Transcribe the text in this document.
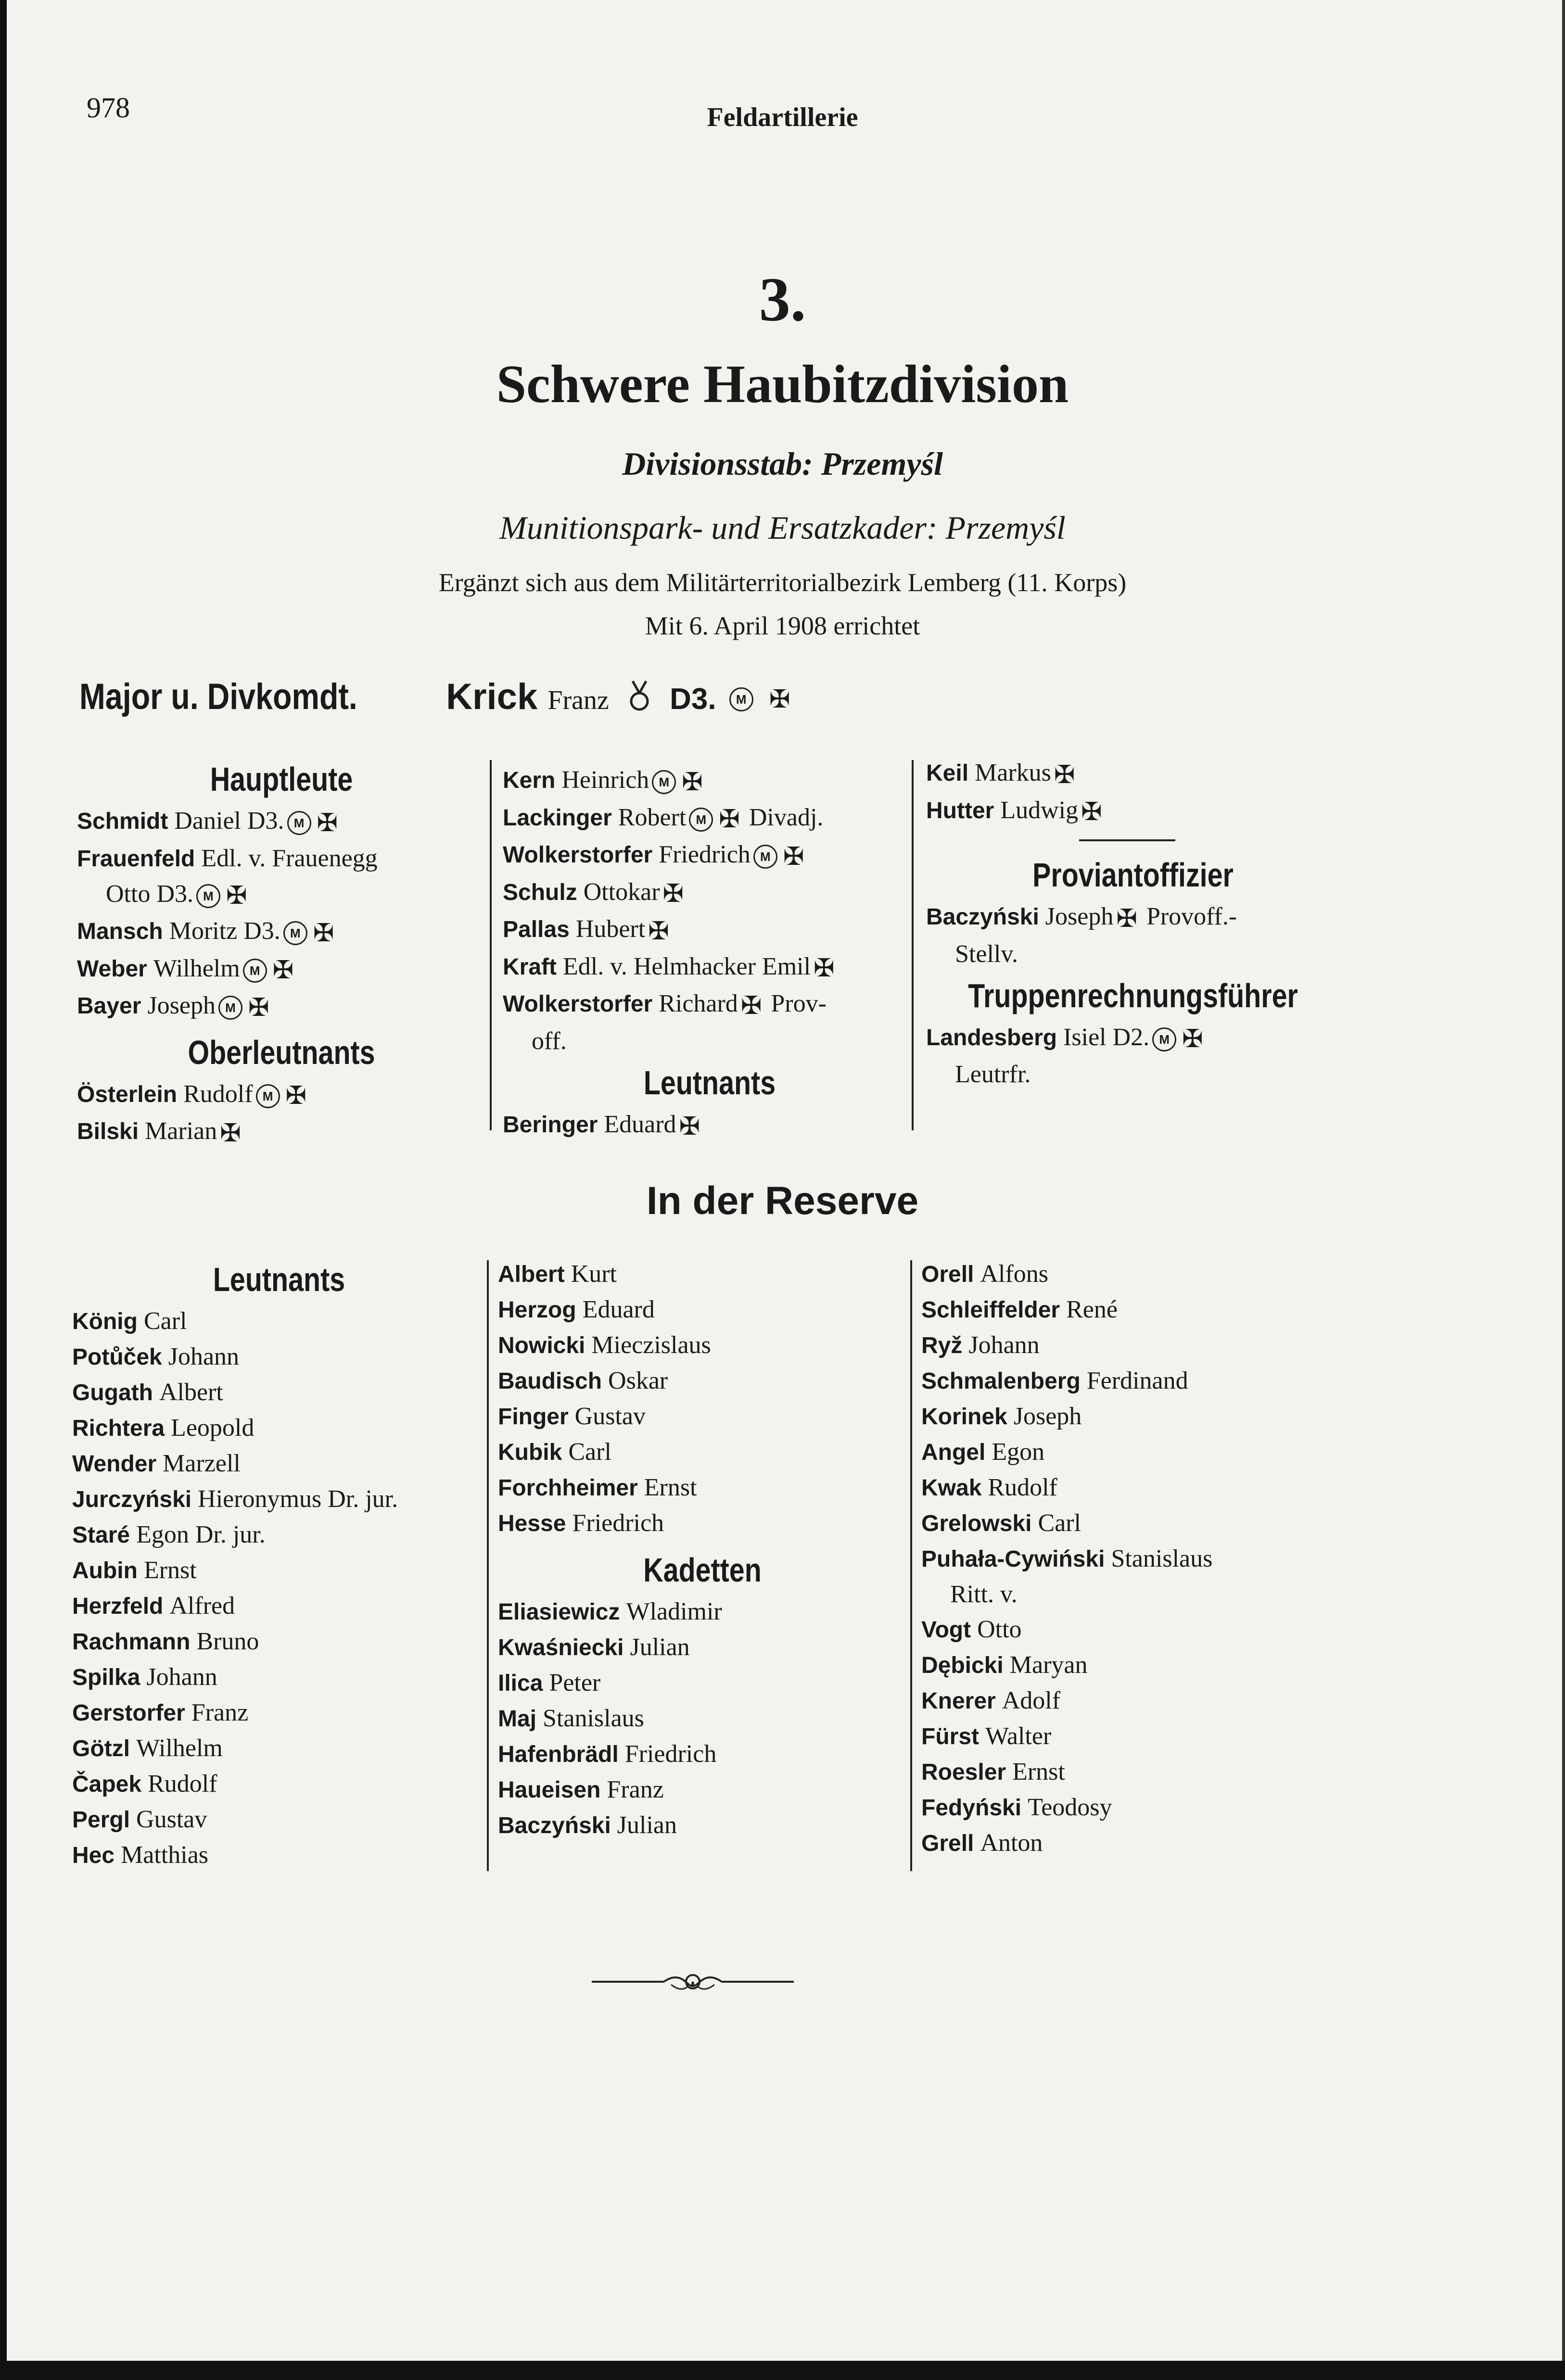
978	Feldartillerie
3.
Schwere Haubitzdivision
Divisionsstab: Przemyśl
Munitionspark- und Ersatzkader: Przemyśl
Ergänzt sich aus dem Militärterritorialbezirk Lemberg (11. Korps)
Mit 6. April 1908 errichtet
Major u. Divkomdt. Krick Franz D3. M ✠
Hauptleute
Schmidt Daniel D3. M ✠
Frauenfeld Edl. v. Frauenegg
Otto D3. M ✠
Mansch Moritz D3. M ✠
Weber Wilhelm M ✠
Bayer Joseph M ✠
Oberleutnants
Österlein Rudolf M ✠
Bilski Marian ✠
Kern Heinrich M ✠
Lackinger Robert M ✠ Divadj.
Wolkerstorfer Friedrich M ✠
Schulz Ottokar ✠
Pallas Hubert ✠
Kraft Edl. v. Helmhacker Emil ✠
Wolkerstorfer Richard ✠ Prov-
off.
Leutnants
Beringer Eduard ✠
Keil Markus ✠
Hutter Ludwig ✠
Proviantoffizier
Baczyński Joseph ✠ Provoff.-
Stellv.
Truppenrechnungsführer
Landesberg Isiel D2. M ✠
Leutrfr.
In der Reserve
Leutnants
König Carl
Potůček Johann
Gugath Albert
Richtera Leopold
Wender Marzell
Jurczyński Hieronymus Dr. jur.
Staré Egon Dr. jur.
Aubin Ernst
Herzfeld Alfred
Rachmann Bruno
Spilka Johann
Gerstorfer Franz
Götzl Wilhelm
Čapek Rudolf
Pergl Gustav
Hec Matthias
Albert Kurt
Herzog Eduard
Nowicki Mieczislaus
Baudisch Oskar
Finger Gustav
Kubik Carl
Forchheimer Ernst
Hesse Friedrich
Kadetten
Eliasiewicz Wladimir
Kwaśniecki Julian
Ilica Peter
Maj Stanislaus
Hafenbrädl Friedrich
Haueisen Franz
Baczyński Julian
Orell Alfons
Schleiffelder René
Ryž Johann
Schmalenberg Ferdinand
Korinek Joseph
Angel Egon
Kwak Rudolf
Grelowski Carl
Puhała-Cywiński Stanislaus
Ritt. v.
Vogt Otto
Dębicki Maryan
Knerer Adolf
Fürst Walter
Roesler Ernst
Fedyński Teodosy
Grell Anton
